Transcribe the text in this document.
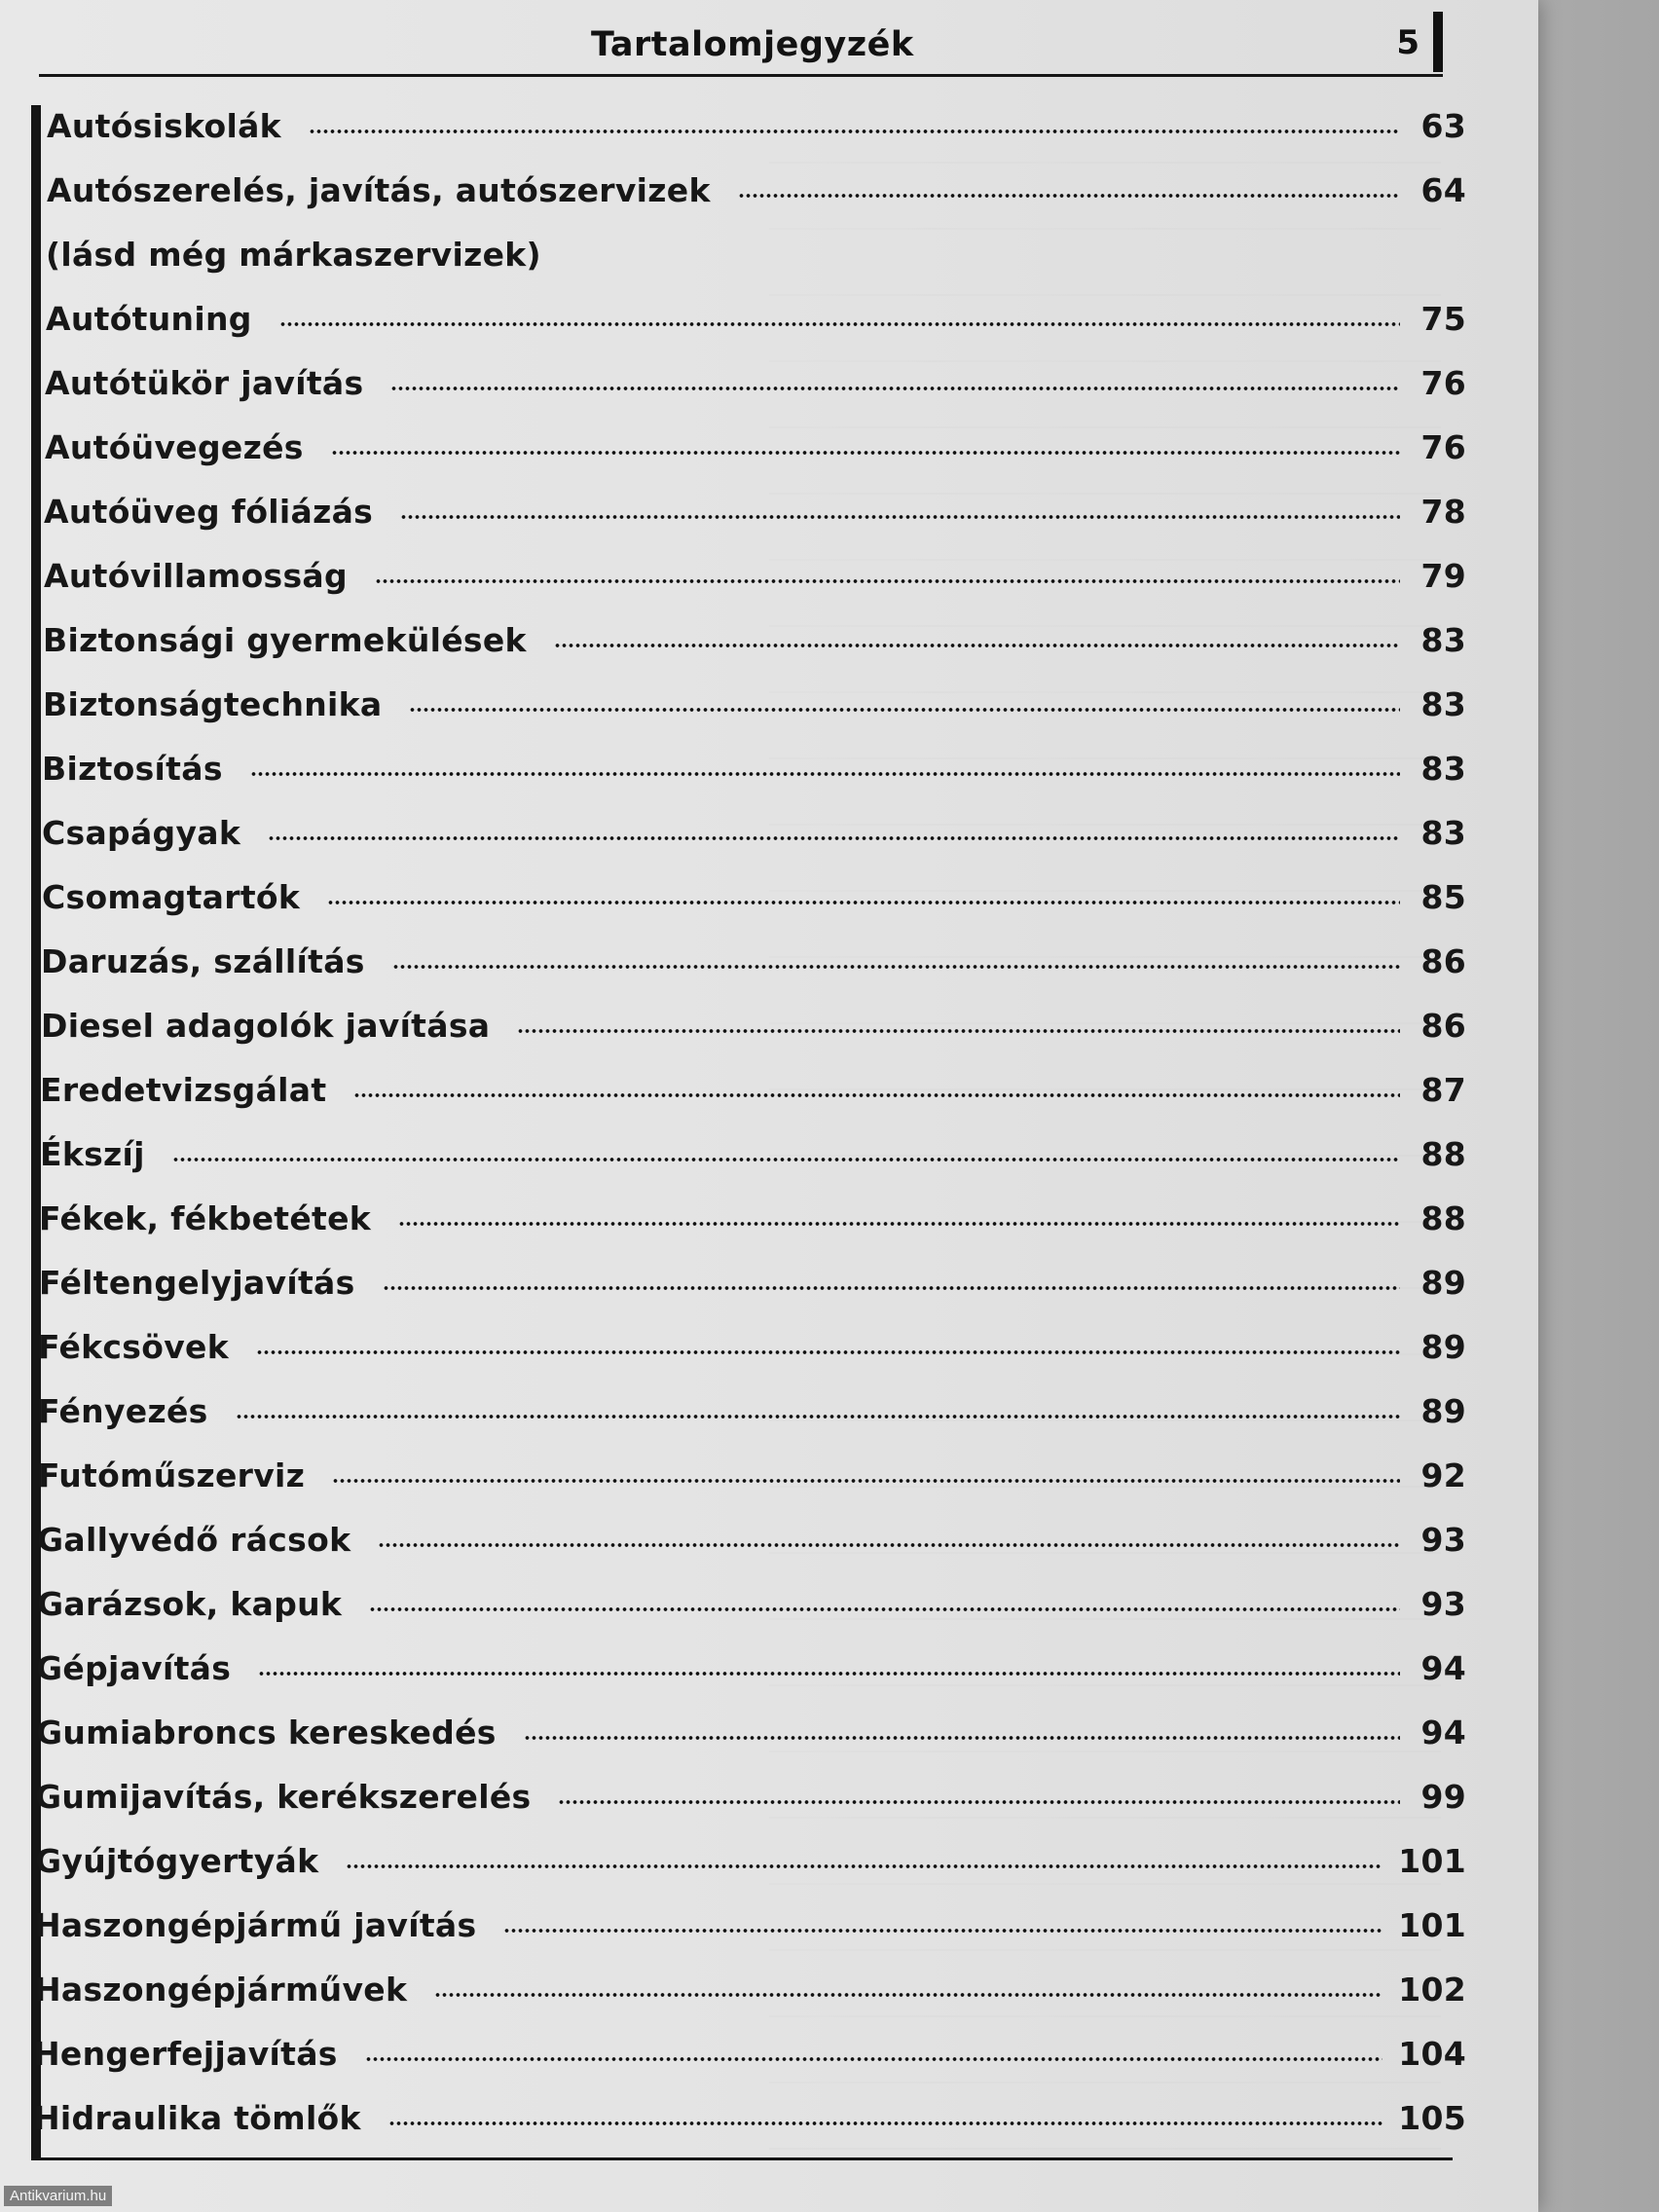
Tartalomjegyzék	5
Autósiskolák	63
Autószerelés, javítás, autószervizek	64
(lásd még márkaszervizek)
Autótuning	75
Autótükör javítás	76
Autóüvegezés	76
Autóüveg fóliázás	78
Autóvillamosság	79
Biztonsági gyermekülések	83
Biztonságtechnika	83
Biztosítás	83
Csapágyak	83
Csomagtartók	85
Daruzás, szállítás	86
Diesel adagolók javítása	86
Eredetvizsgálat	87
Ékszíj	88
Fékek, fékbetétek	88
Féltengelyjavítás	89
Fékcsövek	89
Fényezés	89
Futóműszerviz	92
Gallyvédő rácsok	93
Garázsok, kapuk	93
Gépjavítás	94
Gumiabroncs kereskedés	94
Gumijavítás, kerékszerelés	99
Gyújtógyertyák	101
Haszongépjármű javítás	101
Haszongépjárművek	102
Hengerfejjavítás	104
Hidraulika tömlők	105
Antikvarium.hu
